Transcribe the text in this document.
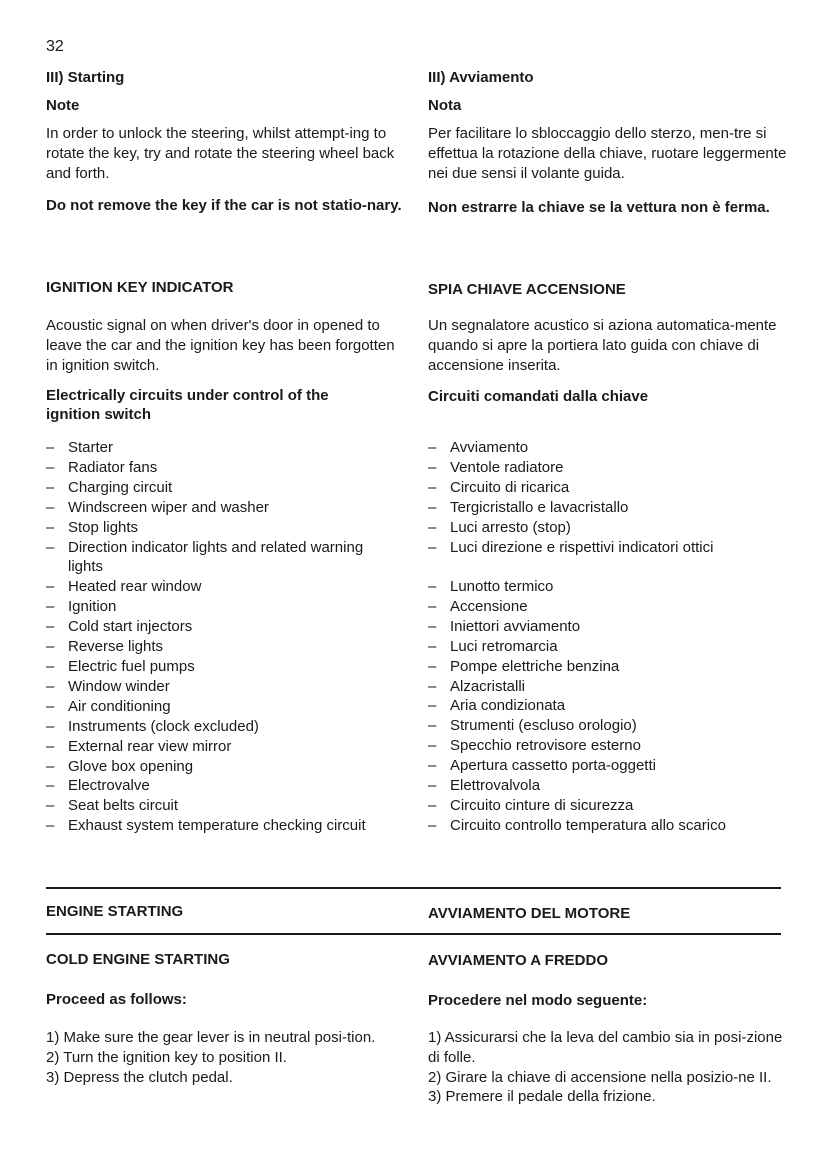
32
III) Starting
Note
In order to unlock the steering, whilst attempt-ing to rotate the key, try and rotate the steering wheel back and forth.
Do not remove the key if the car is not statio-nary.
IGNITION KEY INDICATOR
Acoustic signal on when driver's door in opened to leave the car and the ignition key has been forgotten in ignition switch.
Electrically circuits under control of the ignition switch
– Starter
– Radiator fans
– Charging circuit
– Windscreen wiper and washer
– Stop lights
– Direction indicator lights and related warning lights
– Heated rear window
– Ignition
– Cold start injectors
– Reverse lights
– Electric fuel pumps
– Window winder
– Air conditioning
– Instruments (clock excluded)
– External rear view mirror
– Glove box opening
– Electrovalve
– Seat belts circuit
– Exhaust system temperature checking circuit
ENGINE STARTING
COLD ENGINE STARTING
Proceed as follows:
1) Make sure the gear lever is in neutral posi-tion.
2) Turn the ignition key to position II.
3) Depress the clutch pedal.
III) Avviamento
Nota
Per facilitare lo sbloccaggio dello sterzo, men-tre si effettua la rotazione della chiave, ruotare leggermente nei due sensi il volante guida.
Non estrarre la chiave se la vettura non è ferma.
SPIA CHIAVE ACCENSIONE
Un segnalatore acustico si aziona automatica-mente quando si apre la portiera lato guida con chiave di accensione inserita.
Circuiti comandati dalla chiave
– Avviamento
– Ventole radiatore
– Circuito di ricarica
– Tergicristallo e lavacristallo
– Luci arresto (stop)
– Luci direzione e rispettivi indicatori ottici
– Lunotto termico
– Accensione
– Iniettori avviamento
– Luci retromarcia
– Pompe elettriche benzina
– Alzacristalli
– Aria condizionata
– Strumenti (escluso orologio)
– Specchio retrovisore esterno
– Apertura cassetto porta-oggetti
– Elettrovalvola
– Circuito cinture di sicurezza
– Circuito controllo temperatura allo scarico
AVVIAMENTO DEL MOTORE
AVVIAMENTO A FREDDO
Procedere nel modo seguente:
1) Assicurarsi che la leva del cambio sia in posi-zione di folle.
2) Girare la chiave di accensione nella posizio-ne II.
3) Premere il pedale della frizione.
